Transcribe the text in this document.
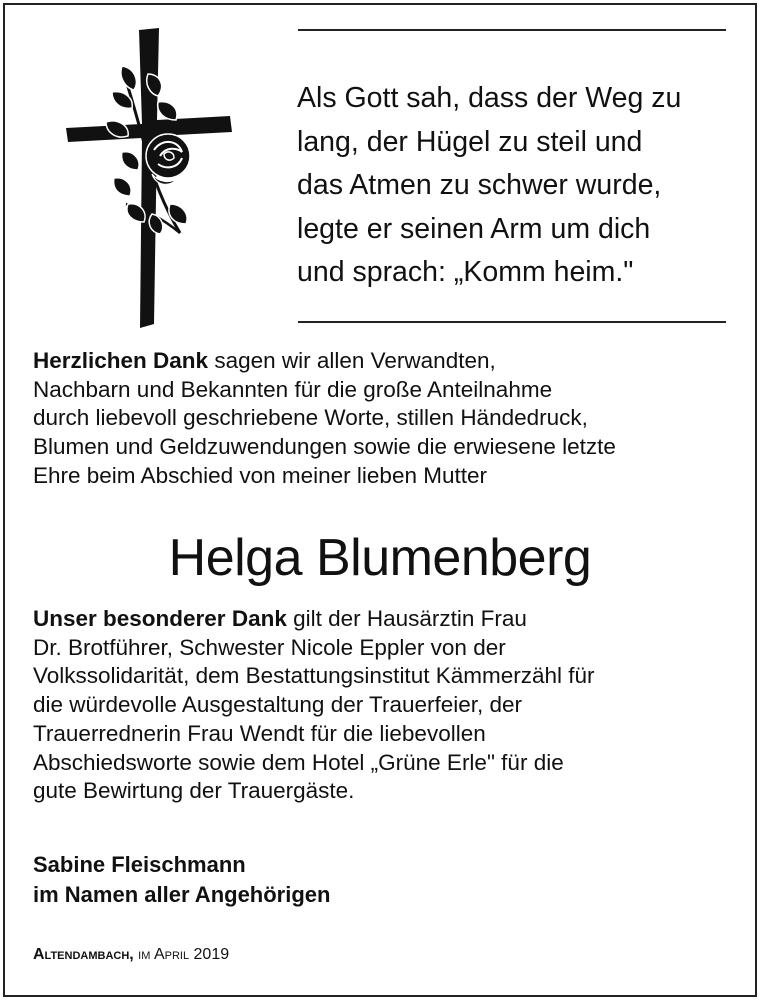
Als Gott sah, dass der Weg zu
lang, der Hügel zu steil und
das Atmen zu schwer wurde,
legte er seinen Arm um dich
und sprach: „Komm heim."
Herzlichen Dank sagen wir allen Verwandten,
Nachbarn und Bekannten für die große Anteilnahme
durch liebevoll geschriebene Worte, stillen Händedruck,
Blumen und Geldzuwendungen sowie die erwiesene letzte
Ehre beim Abschied von meiner lieben Mutter
Helga Blumenberg
Unser besonderer Dank gilt der Hausärztin Frau
Dr. Brotführer, Schwester Nicole Eppler von der
Volkssolidarität, dem Bestattungsinstitut Kämmerzähl für
die würdevolle Ausgestaltung der Trauerfeier, der
Trauerrednerin Frau Wendt für die liebevollen
Abschiedsworte sowie dem Hotel „Grüne Erle" für die
gute Bewirtung der Trauergäste.
Sabine Fleischmann
im Namen aller Angehörigen
Altendambach, im April 2019
